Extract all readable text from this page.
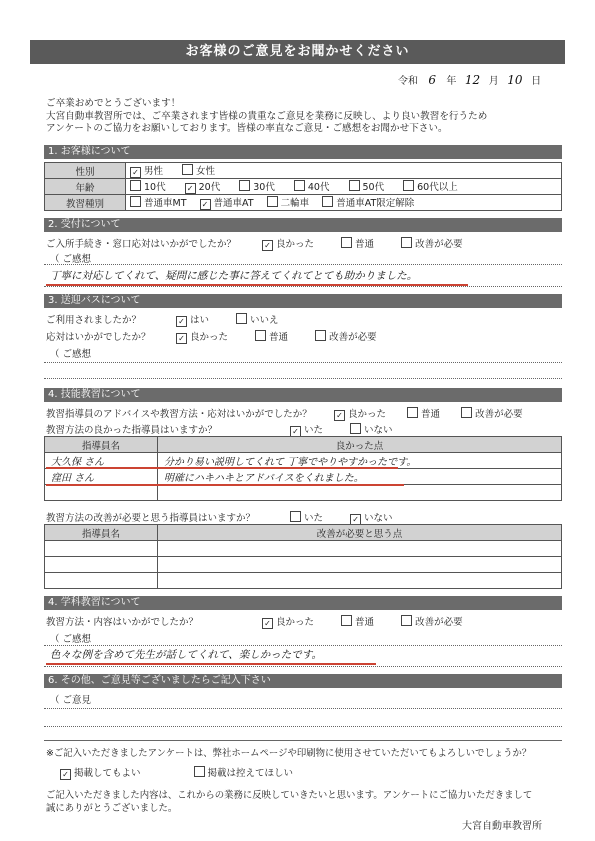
お客様のご意見をお聞かせください
令和 6 年 12 月 10 日
ご卒業おめでとうございます！
大宮自動車教習所では、ご卒業されます皆様の貴重なご意見を業務に反映し、より良い教習を行うため
アンケートのご協力をお願いしております。皆様の率直なご意見・ご感想をお聞かせ下さい。
1. お客様について
性別	✓ 男性 女性
年齢	10代 ✓ 20代 30代 40代 50代 60代以上
教習種別	普通車MT ✓ 普通車AT 二輪車 普通車AT限定解除
2. 受付について
ご入所手続き・窓口応対はいかがでしたか？	✓ 良かった	普通	改善が必要
（ ご感想
丁寧に対応してくれて、疑問に感じた事に答えてくれてとても助かりました。
3. 送迎バスについて
ご利用されましたか？	✓ はい	いいえ
応対はいかがでしたか？	✓ 良かった	普通	改善が必要
（ ご感想
4. 技能教習について
教習指導員のアドバイスや教習方法・応対はいかがでしたか？	✓ 良かった	普通	改善が必要
教習方法の良かった指導員はいますか？	✓ いた	いない
指導員名	良かった点
大久保 さん	分かり易い説明してくれて 丁寧でやりやすかったです。
窪田 さん	明確にハキハキとアドバイスをくれました。

教習方法の改善が必要と思う指導員はいますか？	いた	✓ いない
指導員名	改善が必要と思う点

4. 学科教習について
教習方法・内容はいかがでしたか？	✓ 良かった	普通	改善が必要
（ ご感想
色々な例を含めて先生が話してくれて、楽しかったです。
6. その他、ご意見等ございましたらご記入下さい
（ ご意見
※ご記入いただきましたアンケートは、弊社ホームページや印刷物に使用させていただいてもよろしいでしょうか？
✓ 掲載してもよい	掲載は控えてほしい
ご記入いただきました内容は、これからの業務に反映していきたいと思います。アンケートにご協力いただきまして
誠にありがとうございました。
大宮自動車教習所
